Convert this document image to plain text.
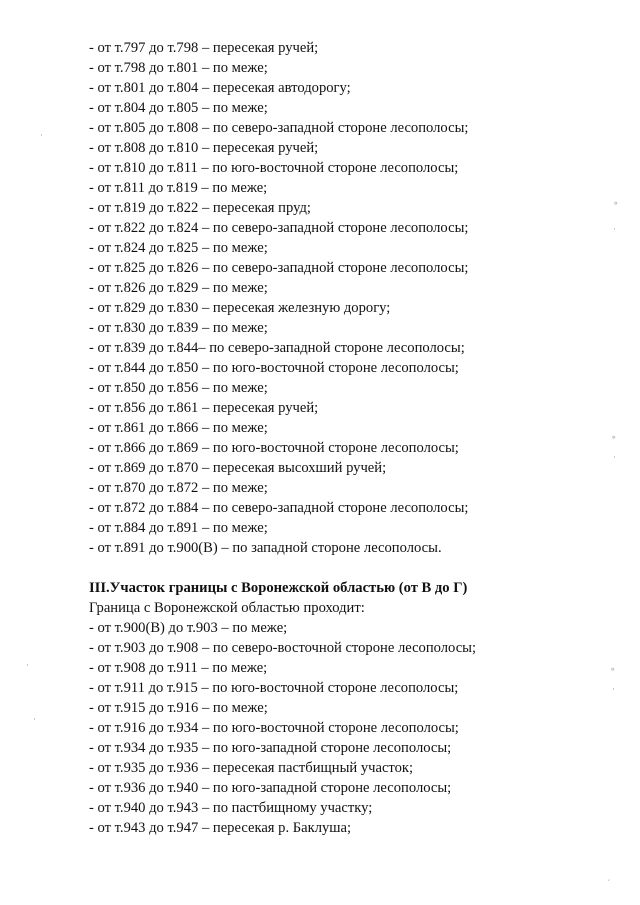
- от т.797 до т.798 – пересекая ручей;
- от т.798 до т.801 – по меже;
- от т.801 до т.804 – пересекая автодорогу;
- от т.804 до т.805 – по меже;
- от т.805 до т.808 – по северо-западной стороне лесополосы;
- от т.808 до т.810 – пересекая ручей;
- от т.810 до т.811 – по юго-восточной стороне лесополосы;
- от т.811 до т.819 – по меже;
- от т.819 до т.822 – пересекая пруд;
- от т.822 до т.824 – по северо-западной стороне лесополосы;
- от т.824 до т.825 – по меже;
- от т.825 до т.826 – по северо-западной стороне лесополосы;
- от т.826 до т.829 – по меже;
- от т.829 до т.830 – пересекая железную дорогу;
- от т.830 до т.839 – по меже;
- от т.839 до т.844– по северо-западной стороне лесополосы;
- от т.844 до т.850 – по юго-восточной стороне лесополосы;
- от т.850 до т.856 – по меже;
- от т.856 до т.861 – пересекая ручей;
- от т.861 до т.866 – по меже;
- от т.866 до т.869 – по юго-восточной стороне лесополосы;
- от т.869 до т.870 – пересекая высохший ручей;
- от т.870 до т.872 – по меже;
- от т.872 до т.884 – по северо-западной стороне лесополосы;
- от т.884 до т.891 – по меже;
- от т.891 до т.900(В) – по западной стороне лесополосы.
III.Участок границы с Воронежской областью (от В до Г)
Граница с Воронежской областью проходит:
- от т.900(В) до т.903 – по меже;
- от т.903 до т.908 – по северо-восточной стороне лесополосы;
- от т.908 до т.911 – по меже;
- от т.911 до т.915 – по юго-восточной стороне лесополосы;
- от т.915 до т.916 – по меже;
- от т.916 до т.934 – по юго-восточной стороне лесополосы;
- от т.934 до т.935 – по юго-западной стороне лесополосы;
- от т.935 до т.936 – пересекая пастбищный участок;
- от т.936 до т.940 – по юго-западной стороне лесополосы;
- от т.940 до т.943 – по пастбищному участку;
- от т.943 до т.947 – пересекая р. Баклуша;
∘
·
∘
·
∘
·
·
·
·
′
